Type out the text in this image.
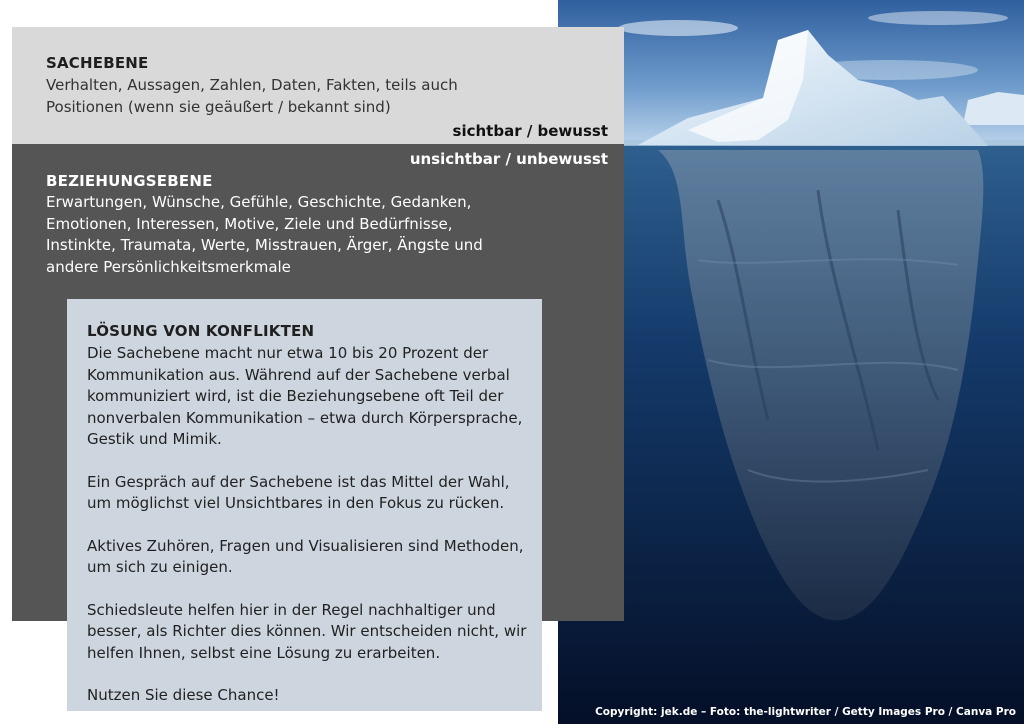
SACHEBENE
Verhalten, Aussagen, Zahlen, Daten, Fakten, teils auch Positionen (wenn sie geäußert / bekannt sind)
sichtbar / bewusst
unsichtbar / unbewusst
BEZIEHUNGSEBENE
Erwartungen, Wünsche, Gefühle, Geschichte, Gedanken, Emotionen, Interessen, Motive, Ziele und Bedürfnisse, Instinkte, Traumata, Werte, Misstrauen, Ärger, Ängste und andere Persönlichkeitsmerkmale
LÖSUNG VON KONFLIKTEN

Die Sachebene macht nur etwa 10 bis 20 Prozent der Kommunikation aus. Während auf der Sachebene verbal kommuniziert wird, ist die Beziehungsebene oft Teil der nonverbalen Kommunikation – etwa durch Körpersprache, Gestik und Mimik.

Ein Gespräch auf der Sachebene ist das Mittel der Wahl, um möglichst viel Unsichtbares in den Fokus zu rücken.

Aktives Zuhören, Fragen und Visualisieren sind Methoden, um sich zu einigen.

Schiedsleute helfen hier in der Regel nachhaltiger und besser, als Richter dies können. Wir entscheiden nicht, wir helfen Ihnen, selbst eine Lösung zu erarbeiten.

Nutzen Sie diese Chance!

Copyright: jek.de – Foto: the-lightwriter / Getty Images Pro / Canva Pro
